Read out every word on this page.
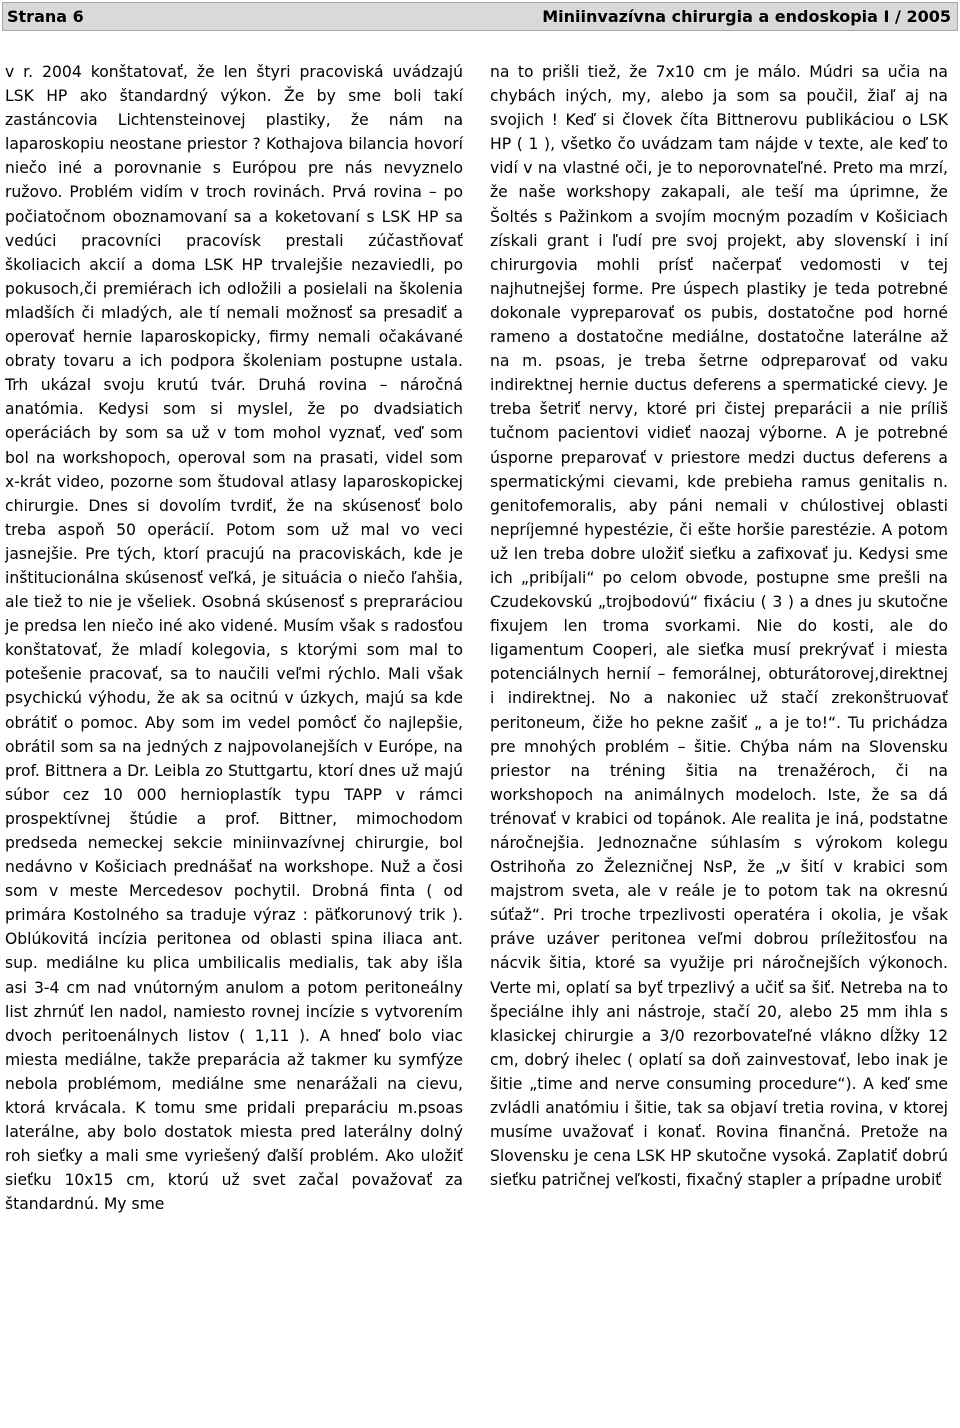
Strana 6	Miniinvazívna chirurgia a endoskopia I / 2005

v r. 2004 konštatovať, že len štyri pracoviská uvádzajú LSK HP ako štandardný výkon. Že by sme boli takí zastáncovia Lichtensteinovej plastiky, že nám na laparoskopiu neostane priestor ? Kothajova bilancia hovorí niečo iné a porovnanie s Európou pre nás nevyznelo ružovo. Problém vidím v troch rovinách. Prvá rovina – po počiatočnom oboznamovaní sa a koketovaní s LSK HP sa vedúci pracovníci pracovísk prestali zúčastňovať školiacich akcií a doma LSK HP trvalejšie nezaviedli, po pokusoch,či premiérach ich odložili a posielali na školenia mladších či mladých, ale tí nemali možnosť sa presadiť a operovať hernie laparoskopicky, firmy nemali očakávané obraty tovaru a ich podpora školeniam postupne ustala. Trh ukázal svoju krutú tvár. Druhá rovina – náročná anatómia. Kedysi som si myslel, že po dvadsiatich operáciách by som sa už v tom mohol vyznať, veď som bol na workshopoch, operoval som na prasati, videl som x-krát video, pozorne som študoval atlasy laparoskopickej chirurgie. Dnes si dovolím tvrdiť, že na skúsenosť bolo treba aspoň 50 operácií. Potom som už mal vo veci jasnejšie. Pre tých, ktorí pracujú na pracoviskách, kde je inštitucionálna skúsenosť veľká, je situácia o niečo ľahšia, ale tiež to nie je všeliek. Osobná skúsenosť s prepraráciou je predsa len niečo iné ako videné. Musím však s radosťou konštatovať, že mladí kolegovia, s ktorými som mal to potešenie pracovať, sa to naučili veľmi rýchlo. Mali však psychickú výhodu, že ak sa ocitnú v úzkych, majú sa kde obrátiť o pomoc. Aby som im vedel pomôcť čo najlepšie, obrátil som sa na jedných z najpovolanejších v Európe, na prof. Bittnera a Dr. Leibla zo Stuttgartu, ktorí dnes už majú súbor cez 10 000 hernioplastík typu TAPP v rámci prospektívnej štúdie a prof. Bittner, mimochodom predseda nemeckej sekcie miniinvazívnej chirurgie, bol nedávno v Košiciach prednášať na workshope. Nuž a čosi som v meste Mercedesov pochytil. Drobná finta ( od primára Kostolného sa traduje výraz : päťkorunový trik ). Oblúkovitá incízia peritonea od oblasti spina iliaca ant. sup. mediálne ku plica umbilicalis medialis, tak aby išla asi 3-4 cm nad vnútorným anulom a potom peritoneálny list zhrnúť len nadol, namiesto rovnej incízie s vytvorením dvoch peritoenálnych listov ( 1,11 ). A hneď bolo viac miesta mediálne, takže preparácia až takmer ku symfýze nebola problémom, mediálne sme nenarážali na cievu, ktorá krvácala. K tomu sme pridali preparáciu m.psoas laterálne, aby bolo dostatok miesta pred laterálny dolný roh sieťky a mali sme vyriešený ďalší problém. Ako uložiť sieťku 10x15 cm, ktorú už svet začal považovať za štandardnú. My sme

na to prišli tiež, že 7x10 cm je málo. Múdri sa učia na chybách iných, my, alebo ja som sa poučil, žiaľ aj na svojich ! Keď si človek číta Bittnerovu publikáciou o LSK HP ( 1 ), všetko čo uvádzam tam nájde v texte, ale keď to vidí v na vlastné oči, je to neporovnateľné. Preto ma mrzí, že naše workshopy zakapali, ale teší ma úprimne, že Šoltés s Pažinkom a svojím mocným pozadím v Košiciach získali grant i ľudí pre svoj projekt, aby slovenskí i iní chirurgovia mohli prísť načerpať vedomosti v tej najhutnejšej forme. Pre úspech plastiky je teda potrebné dokonale vypreparovať os pubis, dostatočne pod horné rameno a dostatočne mediálne, dostatočne laterálne až na m. psoas, je treba šetrne odpreparovať od vaku indirektnej hernie ductus deferens a spermatické cievy. Je treba šetriť nervy, ktoré pri čistej preparácii a nie príliš tučnom pacientovi vidieť naozaj výborne. A je potrebné úsporne preparovať v priestore medzi ductus deferens a spermatickými cievami, kde prebieha ramus genitalis n. genitofemoralis, aby páni nemali v chúlostivej oblasti nepríjemné hypestézie, či ešte horšie parestézie. A potom už len treba dobre uložiť sieťku a zafixovať ju. Kedysi sme ich „pribíjali“ po celom obvode, postupne sme prešli na Czudekovskú „trojbodovú“ fixáciu ( 3 ) a dnes ju skutočne fixujem len troma svorkami. Nie do kosti, ale do ligamentum Cooperi, ale sieťka musí prekrývať i miesta potenciálnych hernií – femorálnej, obturátorovej,direktnej i indirektnej. No a nakoniec už stačí zrekonštruovať peritoneum, čiže ho pekne zašiť „ a je to!“. Tu prichádza pre mnohých problém – šitie. Chýba nám na Slovensku priestor na tréning šitia na trenažéroch, či na workshopoch na animálnych modeloch. Iste, že sa dá trénovať v krabici od topánok. Ale realita je iná, podstatne náročnejšia. Jednoznačne súhlasím s výrokom kolegu Ostrihoňa zo Železničnej NsP, že „v šití v krabici som majstrom sveta, ale v reále je to potom tak na okresnú súťaž“. Pri troche trpezlivosti operatéra i okolia, je však práve uzáver peritonea veľmi dobrou príležitosťou na nácvik šitia, ktoré sa využije pri náročnejších výkonoch. Verte mi, oplatí sa byť trpezlivý a učiť sa šiť. Netreba na to špeciálne ihly ani nástroje, stačí 20, alebo 25 mm ihla s klasickej chirurgie a 3/0 rezorbovateľné vlákno dĺžky 12 cm, dobrý ihelec ( oplatí sa doň zainvestovať, lebo inak je šitie „time and nerve consuming procedure“). A keď sme zvládli anatómiu i šitie, tak sa objaví tretia rovina, v ktorej musíme uvažovať i konať. Rovina finančná. Pretože na Slovensku je cena LSK HP skutočne vysoká. Zaplatiť dobrú sieťku patričnej veľkosti, fixačný stapler a prípadne urobiť
